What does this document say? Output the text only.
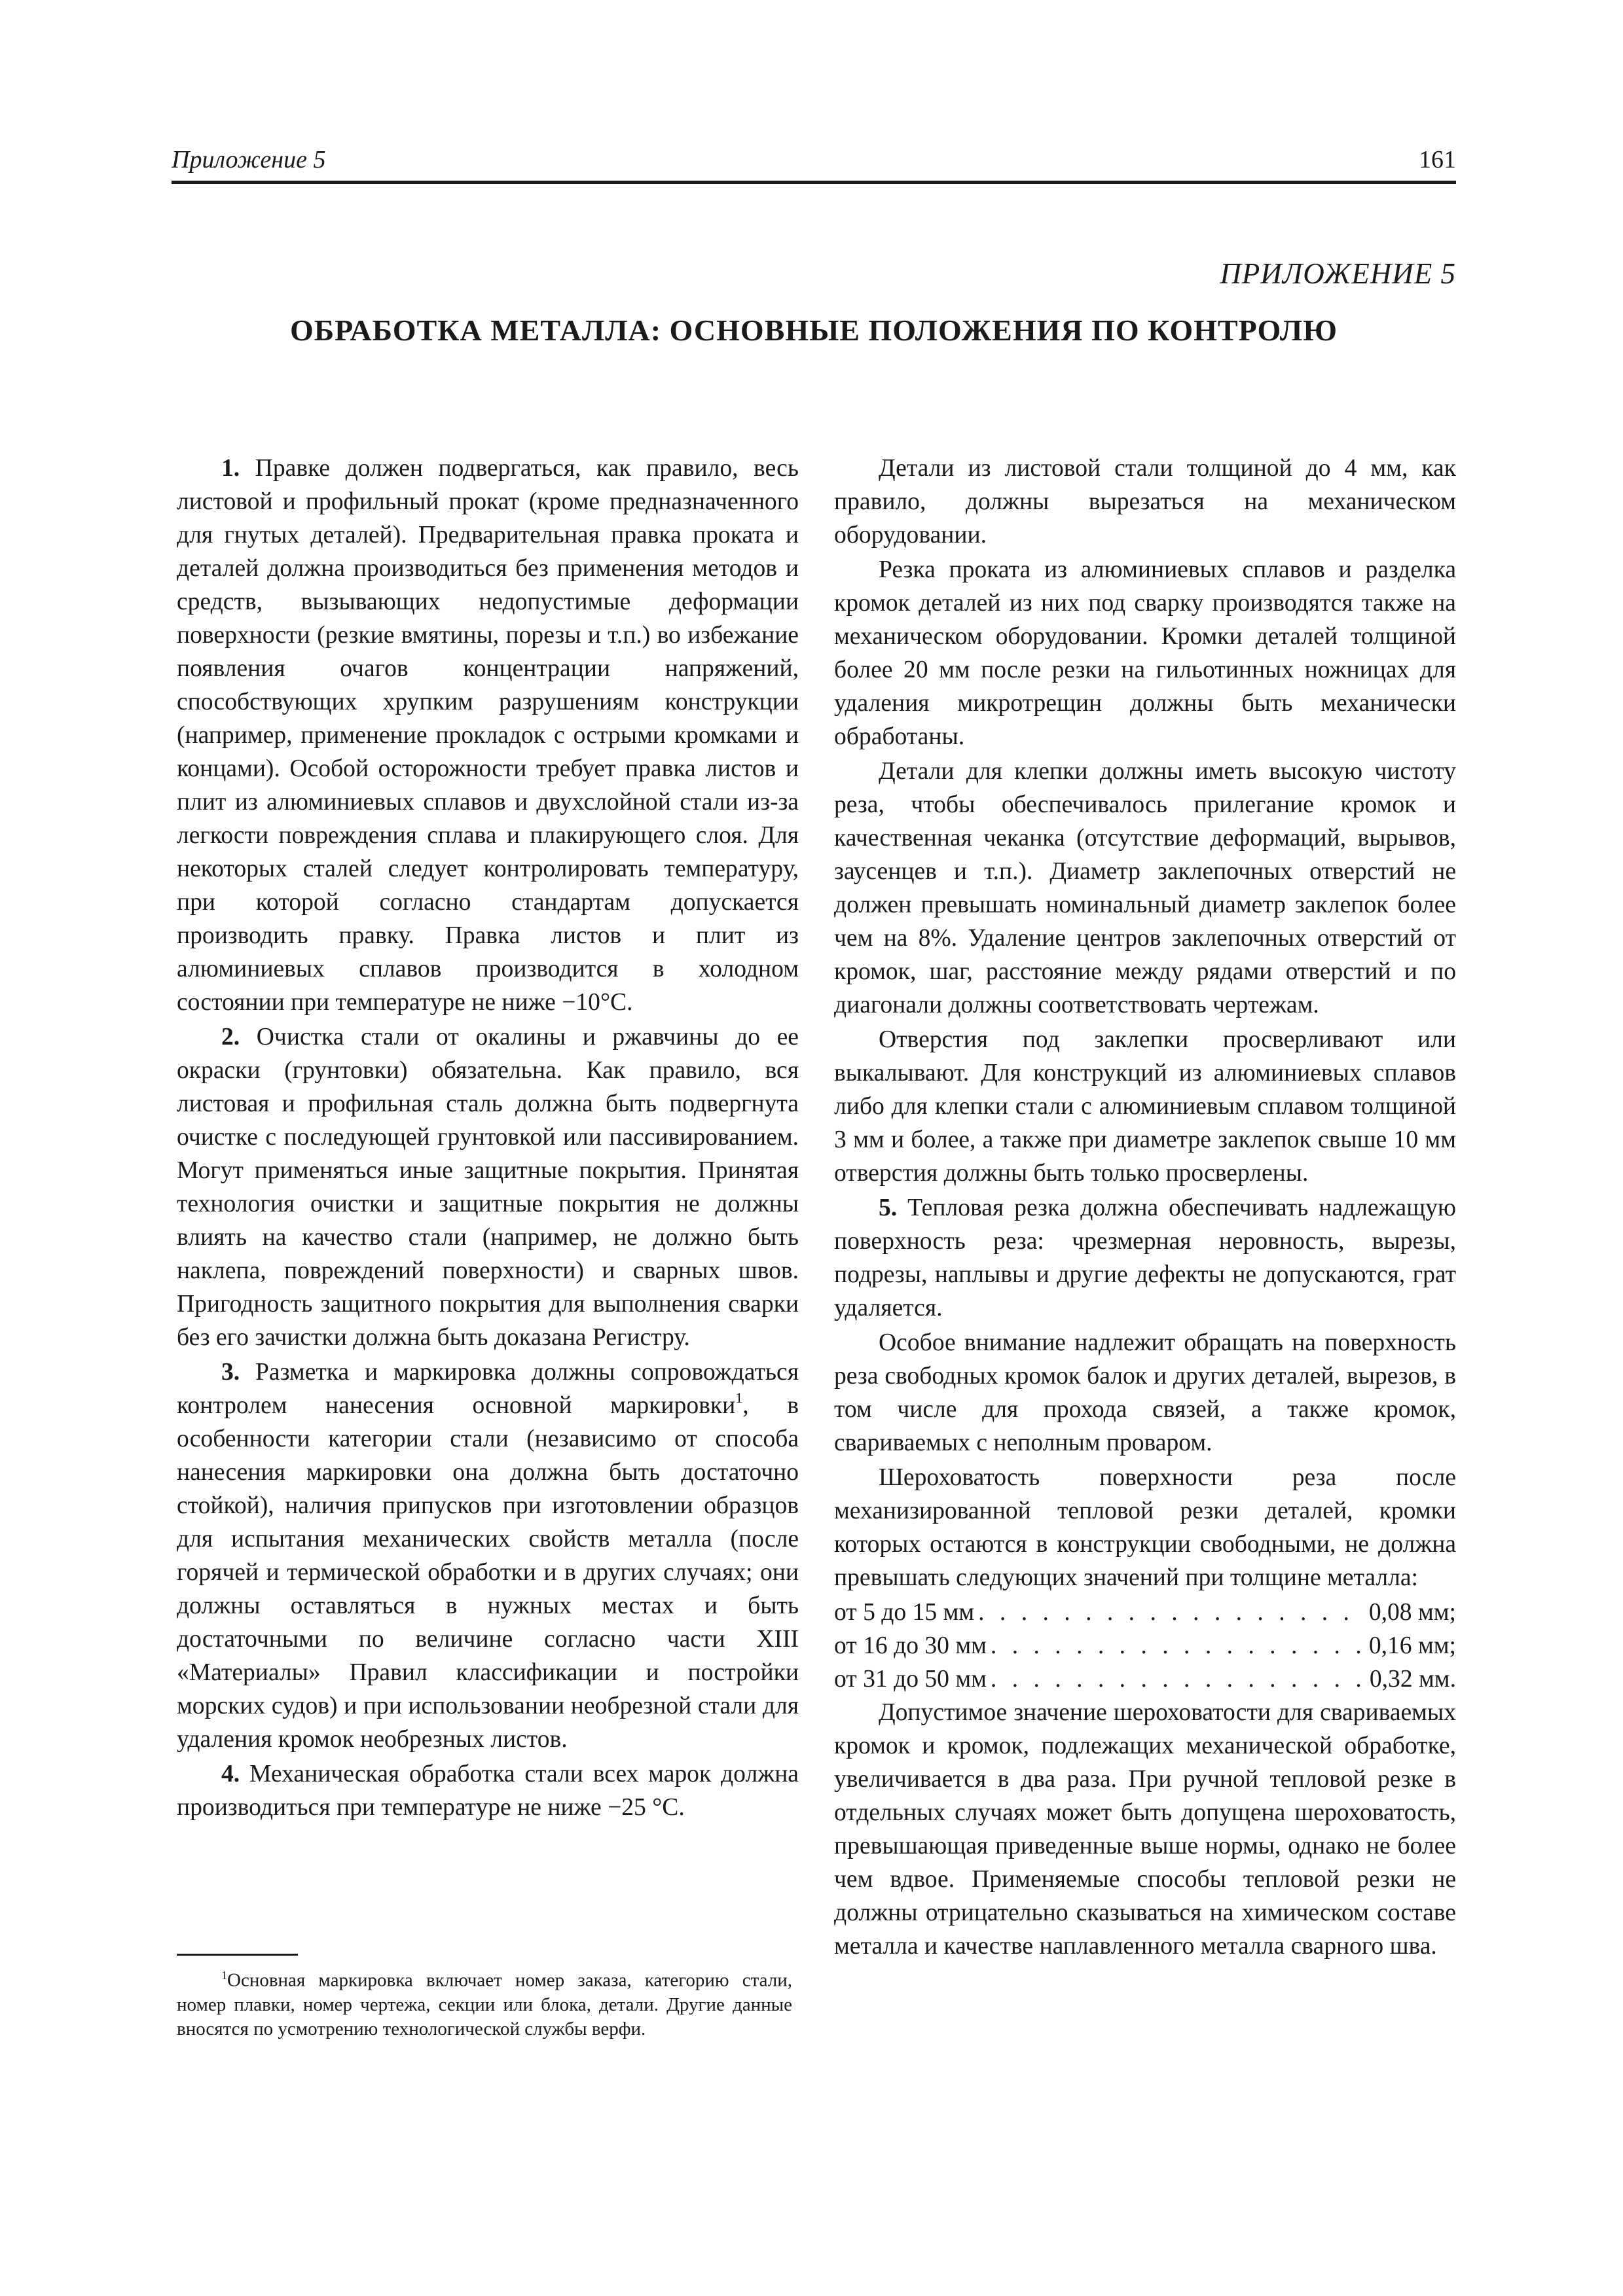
Приложение 5	161
ПРИЛОЖЕНИЕ 5
ОБРАБОТКА МЕТАЛЛА: ОСНОВНЫЕ ПОЛОЖЕНИЯ ПО КОНТРОЛЮ

1. Правке должен подвергаться, как правило, весь листовой и профильный прокат (кроме предназначенного для гнутых деталей). Предварительная правка проката и деталей должна производиться без применения методов и средств, вызывающих недопустимые деформации поверхности (резкие вмятины, порезы и т.п.) во избежание появления очагов концентрации напряжений, способствующих хрупким разрушениям конструкции (например, применение прокладок с острыми кромками и концами). Особой осторожности требует правка листов и плит из алюминиевых сплавов и двухслойной стали из-за легкости повреждения сплава и плакирующего слоя. Для некоторых сталей следует контролировать температуру, при которой согласно стандартам допускается производить правку. Правка листов и плит из алюминиевых сплавов производится в холодном состоянии при температуре не ниже −10°С.

2. Очистка стали от окалины и ржавчины до ее окраски (грунтовки) обязательна. Как правило, вся листовая и профильная сталь должна быть подвергнута очистке с последующей грунтовкой или пассивированием. Могут применяться иные защитные покрытия. Принятая технология очистки и защитные покрытия не должны влиять на качество стали (например, не должно быть наклепа, повреждений поверхности) и сварных швов. Пригодность защитного покрытия для выполнения сварки без его зачистки должна быть доказана Регистру.

3. Разметка и маркировка должны сопровождаться контролем нанесения основной маркировки$^1$, в особенности категории стали (независимо от способа нанесения маркировки она должна быть достаточно стойкой), наличия припусков при изготовлении образцов для испытания механических свойств металла (после горячей и термической обработки и в других случаях; они должны оставляться в нужных местах и быть достаточными по величине согласно части XIII «Материалы» Правил классификации и постройки морских судов) и при использовании необрезной стали для удаления кромок необрезных листов.

4. Механическая обработка стали всех марок должна производиться при температуре не ниже −25 °С.

$^1$Основная маркировка включает номер заказа, категорию стали, номер плавки, номер чертежа, секции или блока, детали. Другие данные вносятся по усмотрению технологической службы верфи.

Детали из листовой стали толщиной до 4 мм, как правило, должны вырезаться на механическом оборудовании.

Резка проката из алюминиевых сплавов и разделка кромок деталей из них под сварку производятся также на механическом оборудовании. Кромки деталей толщиной более 20 мм после резки на гильотинных ножницах для удаления микротрещин должны быть механически обработаны.

Детали для клепки должны иметь высокую чистоту реза, чтобы обеспечивалось прилегание кромок и качественная чеканка (отсутствие деформаций, вырывов, заусенцев и т.п.). Диаметр заклепочных отверстий не должен превышать номинальный диаметр заклепок более чем на 8%. Удаление центров заклепочных отверстий от кромок, шаг, расстояние между рядами отверстий и по диагонали должны соответствовать чертежам.

Отверстия под заклепки просверливают или выкалывают. Для конструкций из алюминиевых сплавов либо для клепки стали с алюминиевым сплавом толщиной 3 мм и более, а также при диаметре заклепок свыше 10 мм отверстия должны быть только просверлены.

5. Тепловая резка должна обеспечивать надлежащую поверхность реза: чрезмерная неровность, вырезы, подрезы, наплывы и другие дефекты не допускаются, грат удаляется.

Особое внимание надлежит обращать на поверхность реза свободных кромок балок и других деталей, вырезов, в том числе для прохода связей, а также кромок, свариваемых с неполным проваром.

Шероховатость поверхности реза после механизированной тепловой резки деталей, кромки которых остаются в конструкции свободными, не должна превышать следующих значений при толщине металла:

от 5 до 15 мм . . .	0,08 мм;
от 16 до 30 мм . . .	0,16 мм;
от 31 до 50 мм . . .	0,32 мм.

Допустимое значение шероховатости для свариваемых кромок и кромок, подлежащих механической обработке, увеличивается в два раза. При ручной тепловой резке в отдельных случаях может быть допущена шероховатость, превышающая приведенные выше нормы, однако не более чем вдвое. Применяемые способы тепловой резки не должны отрицательно сказываться на химическом составе металла и качестве наплавленного металла сварного шва.
